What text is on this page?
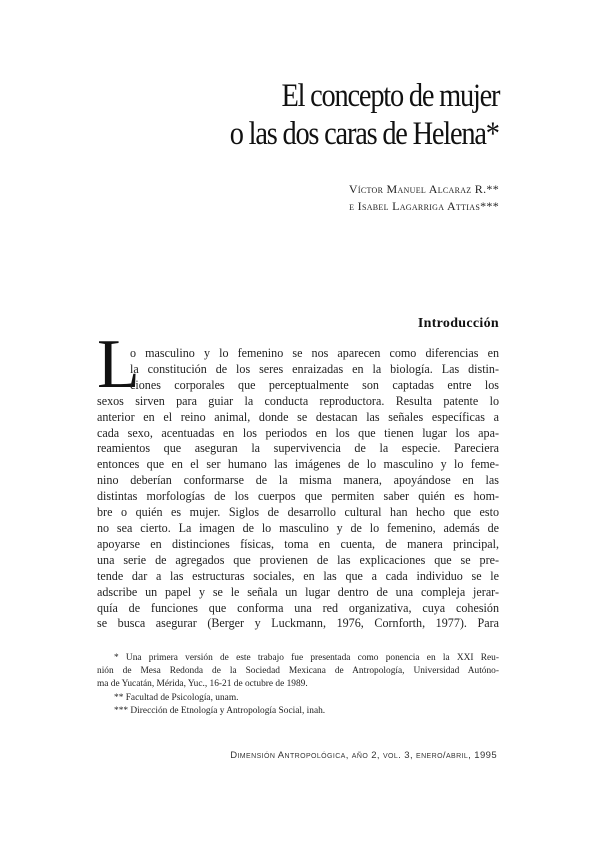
El concepto de mujer
o las dos caras de Helena*
Víctor Manuel Alcaraz R.**
e Isabel Lagarriga Attias***
Introducción
L
o masculino y lo femenino se nos aparecen como diferencias en
la constitución de los seres enraizadas en la biología. Las distin-
ciones corporales que perceptualmente son captadas entre los
sexos sirven para guiar la conducta reproductora. Resulta patente lo
anterior en el reino animal, donde se destacan las señales específicas a
cada sexo, acentuadas en los periodos en los que tienen lugar los apa-
reamientos que aseguran la supervivencia de la especie. Pareciera
entonces que en el ser humano las imágenes de lo masculino y lo feme-
nino deberían conformarse de la misma manera, apoyándose en las
distintas morfologías de los cuerpos que permiten saber quién es hom-
bre o quién es mujer. Siglos de desarrollo cultural han hecho que esto
no sea cierto. La imagen de lo masculino y de lo femenino, además de
apoyarse en distinciones físicas, toma en cuenta, de manera principal,
una serie de agregados que provienen de las explicaciones que se pre-
tende dar a las estructuras sociales, en las que a cada individuo se le
adscribe un papel y se le señala un lugar dentro de una compleja jerar-
quía de funciones que conforma una red organizativa, cuya cohesión
se busca asegurar (Berger y Luckmann, 1976, Cornforth, 1977). Para
* Una primera versión de este trabajo fue presentada como ponencia en la XXI Reu-
nión de Mesa Redonda de la Sociedad Mexicana de Antropología, Universidad Autóno-
ma de Yucatán, Mérida, Yuc., 16-21 de octubre de 1989.
** Facultad de Psicología, unam.
*** Dirección de Etnología y Antropología Social, inah.
Dimensión Antropológica, año 2, vol. 3, enero/abril, 1995
